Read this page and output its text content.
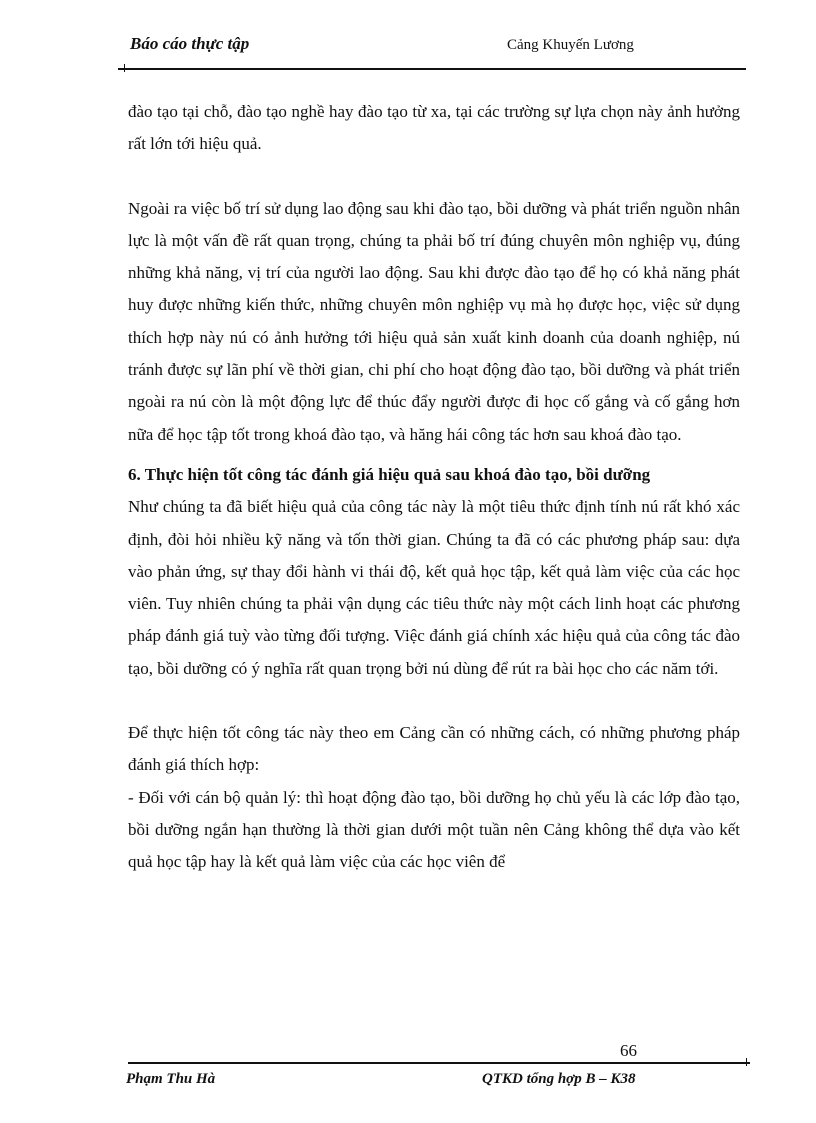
Báo cáo thực tập	Cảng Khuyến Lương

đào tạo tại chỗ, đào tạo nghề hay đào tạo từ xa, tại các trường sự lựa chọn này ảnh hưởng rất lớn tới hiệu quả.

Ngoài ra việc bố trí sử dụng lao động sau khi đào tạo, bồi dưỡng và phát triển nguồn nhân lực là một vấn đề rất quan trọng, chúng ta phải bố trí đúng chuyên môn nghiệp vụ, đúng những khả năng, vị trí của người lao động. Sau khi được đào tạo để họ có khả năng phát huy được những kiến thức, những chuyên môn nghiệp vụ mà họ được học, việc sử dụng thích hợp này nú có ảnh hưởng tới hiệu quả sản xuất kinh doanh của doanh nghiệp, nú tránh được sự lãn phí về thời gian, chi phí cho hoạt động đào tạo, bồi dưỡng và phát triển ngoài ra nú còn là một động lực để thúc đẩy người được đi học cố gắng và cố gắng hơn nữa để học tập tốt trong khoá đào tạo, và hăng hái công tác hơn sau khoá đào tạo.

6. Thực hiện tốt công tác đánh giá hiệu quả sau khoá đào tạo, bồi dưỡng

Như chúng ta đã biết hiệu quả của công tác này là một tiêu thức định tính nú rất khó xác định, đòi hỏi nhiều kỹ năng và tốn thời gian. Chúng ta đã có các phương pháp sau: dựa vào phản ứng, sự thay đổi hành vi thái độ, kết quả học tập, kết quả làm việc của các học viên. Tuy nhiên chúng ta phải vận dụng các tiêu thức này một cách linh hoạt các phương pháp đánh giá tuỳ vào từng đối tượng. Việc đánh giá chính xác hiệu quả của công tác đào tạo, bồi dưỡng có ý nghĩa rất quan trọng bởi nú dùng để rút ra bài học cho các năm tới.

Để thực hiện tốt công tác này theo em Cảng cần có những cách, có những phương pháp đánh giá thích hợp:

- Đối với cán bộ quản lý: thì hoạt động đào tạo, bồi dưỡng họ chủ yếu là các lớp đào tạo, bồi dưỡng ngắn hạn thường là thời gian dưới một tuần nên Cảng không thể dựa vào kết quả học tập hay là kết quả làm việc của các học viên để

66
Phạm Thu Hà	QTKD tổng hợp B – K38
